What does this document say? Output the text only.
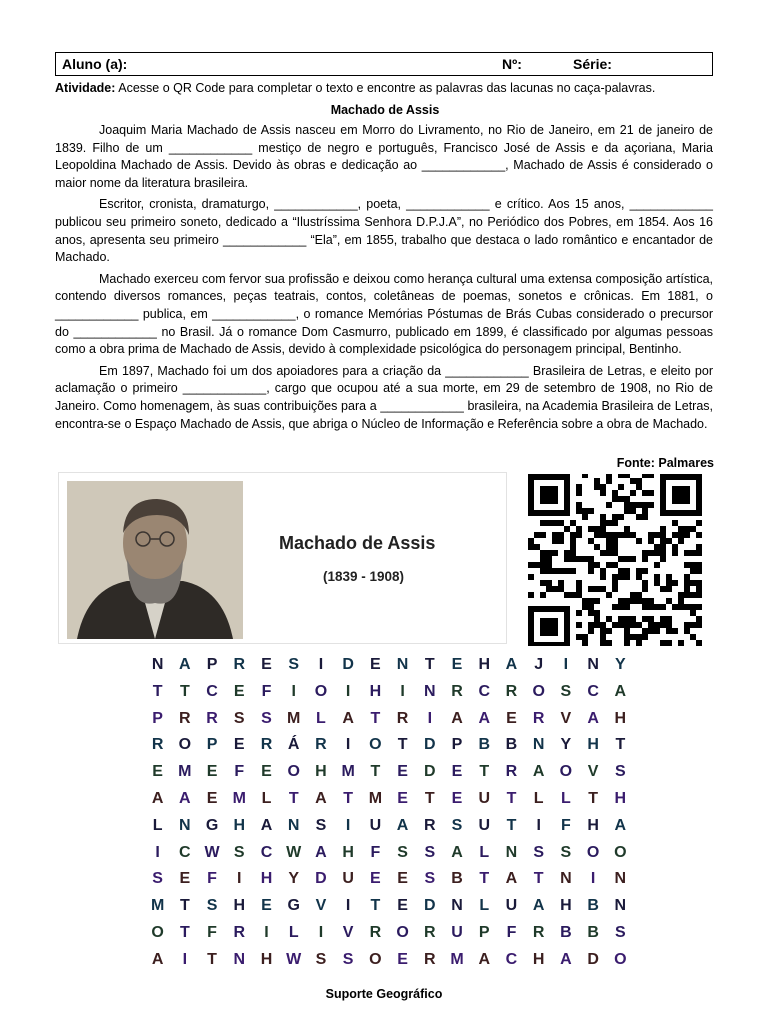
Aluno (a):	Nº:	Série:
Atividade: Acesse o QR Code para completar o texto e encontre as palavras das lacunas no caça-palavras.
Machado de Assis

Joaquim Maria Machado de Assis nasceu em Morro do Livramento, no Rio de Janeiro, em 21 de janeiro de 1839. Filho de um ____________ mestiço de negro e português, Francisco José de Assis e da açoriana, Maria Leopoldina Machado de Assis. Devido às obras e dedicação ao ____________, Machado de Assis é considerado o maior nome da literatura brasileira.

Escritor, cronista, dramaturgo, ____________, poeta, ____________ e crítico. Aos 15 anos, ____________ publicou seu primeiro soneto, dedicado a “Ilustríssima Senhora D.P.J.A”, no Periódico dos Pobres, em 1854. Aos 16 anos, apresenta seu primeiro ____________ “Ela”, em 1855, trabalho que destaca o lado romântico e encantador de Machado.

Machado exerceu com fervor sua profissão e deixou como herança cultural uma extensa composição artística, contendo diversos romances, peças teatrais, contos, coletâneas de poemas, sonetos e crônicas. Em 1881, o ____________ publica, em ____________, o romance Memórias Póstumas de Brás Cubas considerado o precursor do ____________ no Brasil. Já o romance Dom Casmurro, publicado em 1899, é classificado por algumas pessoas como a obra prima de Machado de Assis, devido à complexidade psicológica do personagem principal, Bentinho.

Em 1897, Machado foi um dos apoiadores para a criação da ____________ Brasileira de Letras, e eleito por aclamação o primeiro ____________, cargo que ocupou até a sua morte, em 29 de setembro de 1908, no Rio de Janeiro. Como homenagem, às suas contribuições para a ____________ brasileira, na Academia Brasileira de Letras, encontra-se o Espaço Machado de Assis, que abriga o Núcleo de Informação e Referência sobre a obra de Machado.

Fonte: Palmares
Machado de Assis
(1839 - 1908)
N A	P	R	E	S	I	D	E	N	T	E	H A	J	I	N	Y
T	T	C	E	F	I	O	I	H	I	N R C R O S	C A
P	R R	S	S M L	A	T	R	I	A A	E	R	V	A H
R O P	E	R Á R	I	O	T	D	P	B B N	Y	H	T
E M E	F	E O H M T	E	D	E	T	R A O V	S
A A	E M L	T	A	T M E	T	E	U	T	L	L	T	H
L	N G H A N	S	I	U A R	S	U	T	I	F	H A
I	C W S	C W A H	F	S	S	A	L	N	S	S O O
S	E	F	I	H	Y	D U	E	E	S	B	T	A	T	N	I	N
M T	S	H	E G V	I	T	E	D N	L	U A H B N
O	T	F	R	I	L	I	V	R O R U	P	F	R B B	S
A	I	T	N H W S	S O E	R M A C H A D O
Suporte Geográfico
